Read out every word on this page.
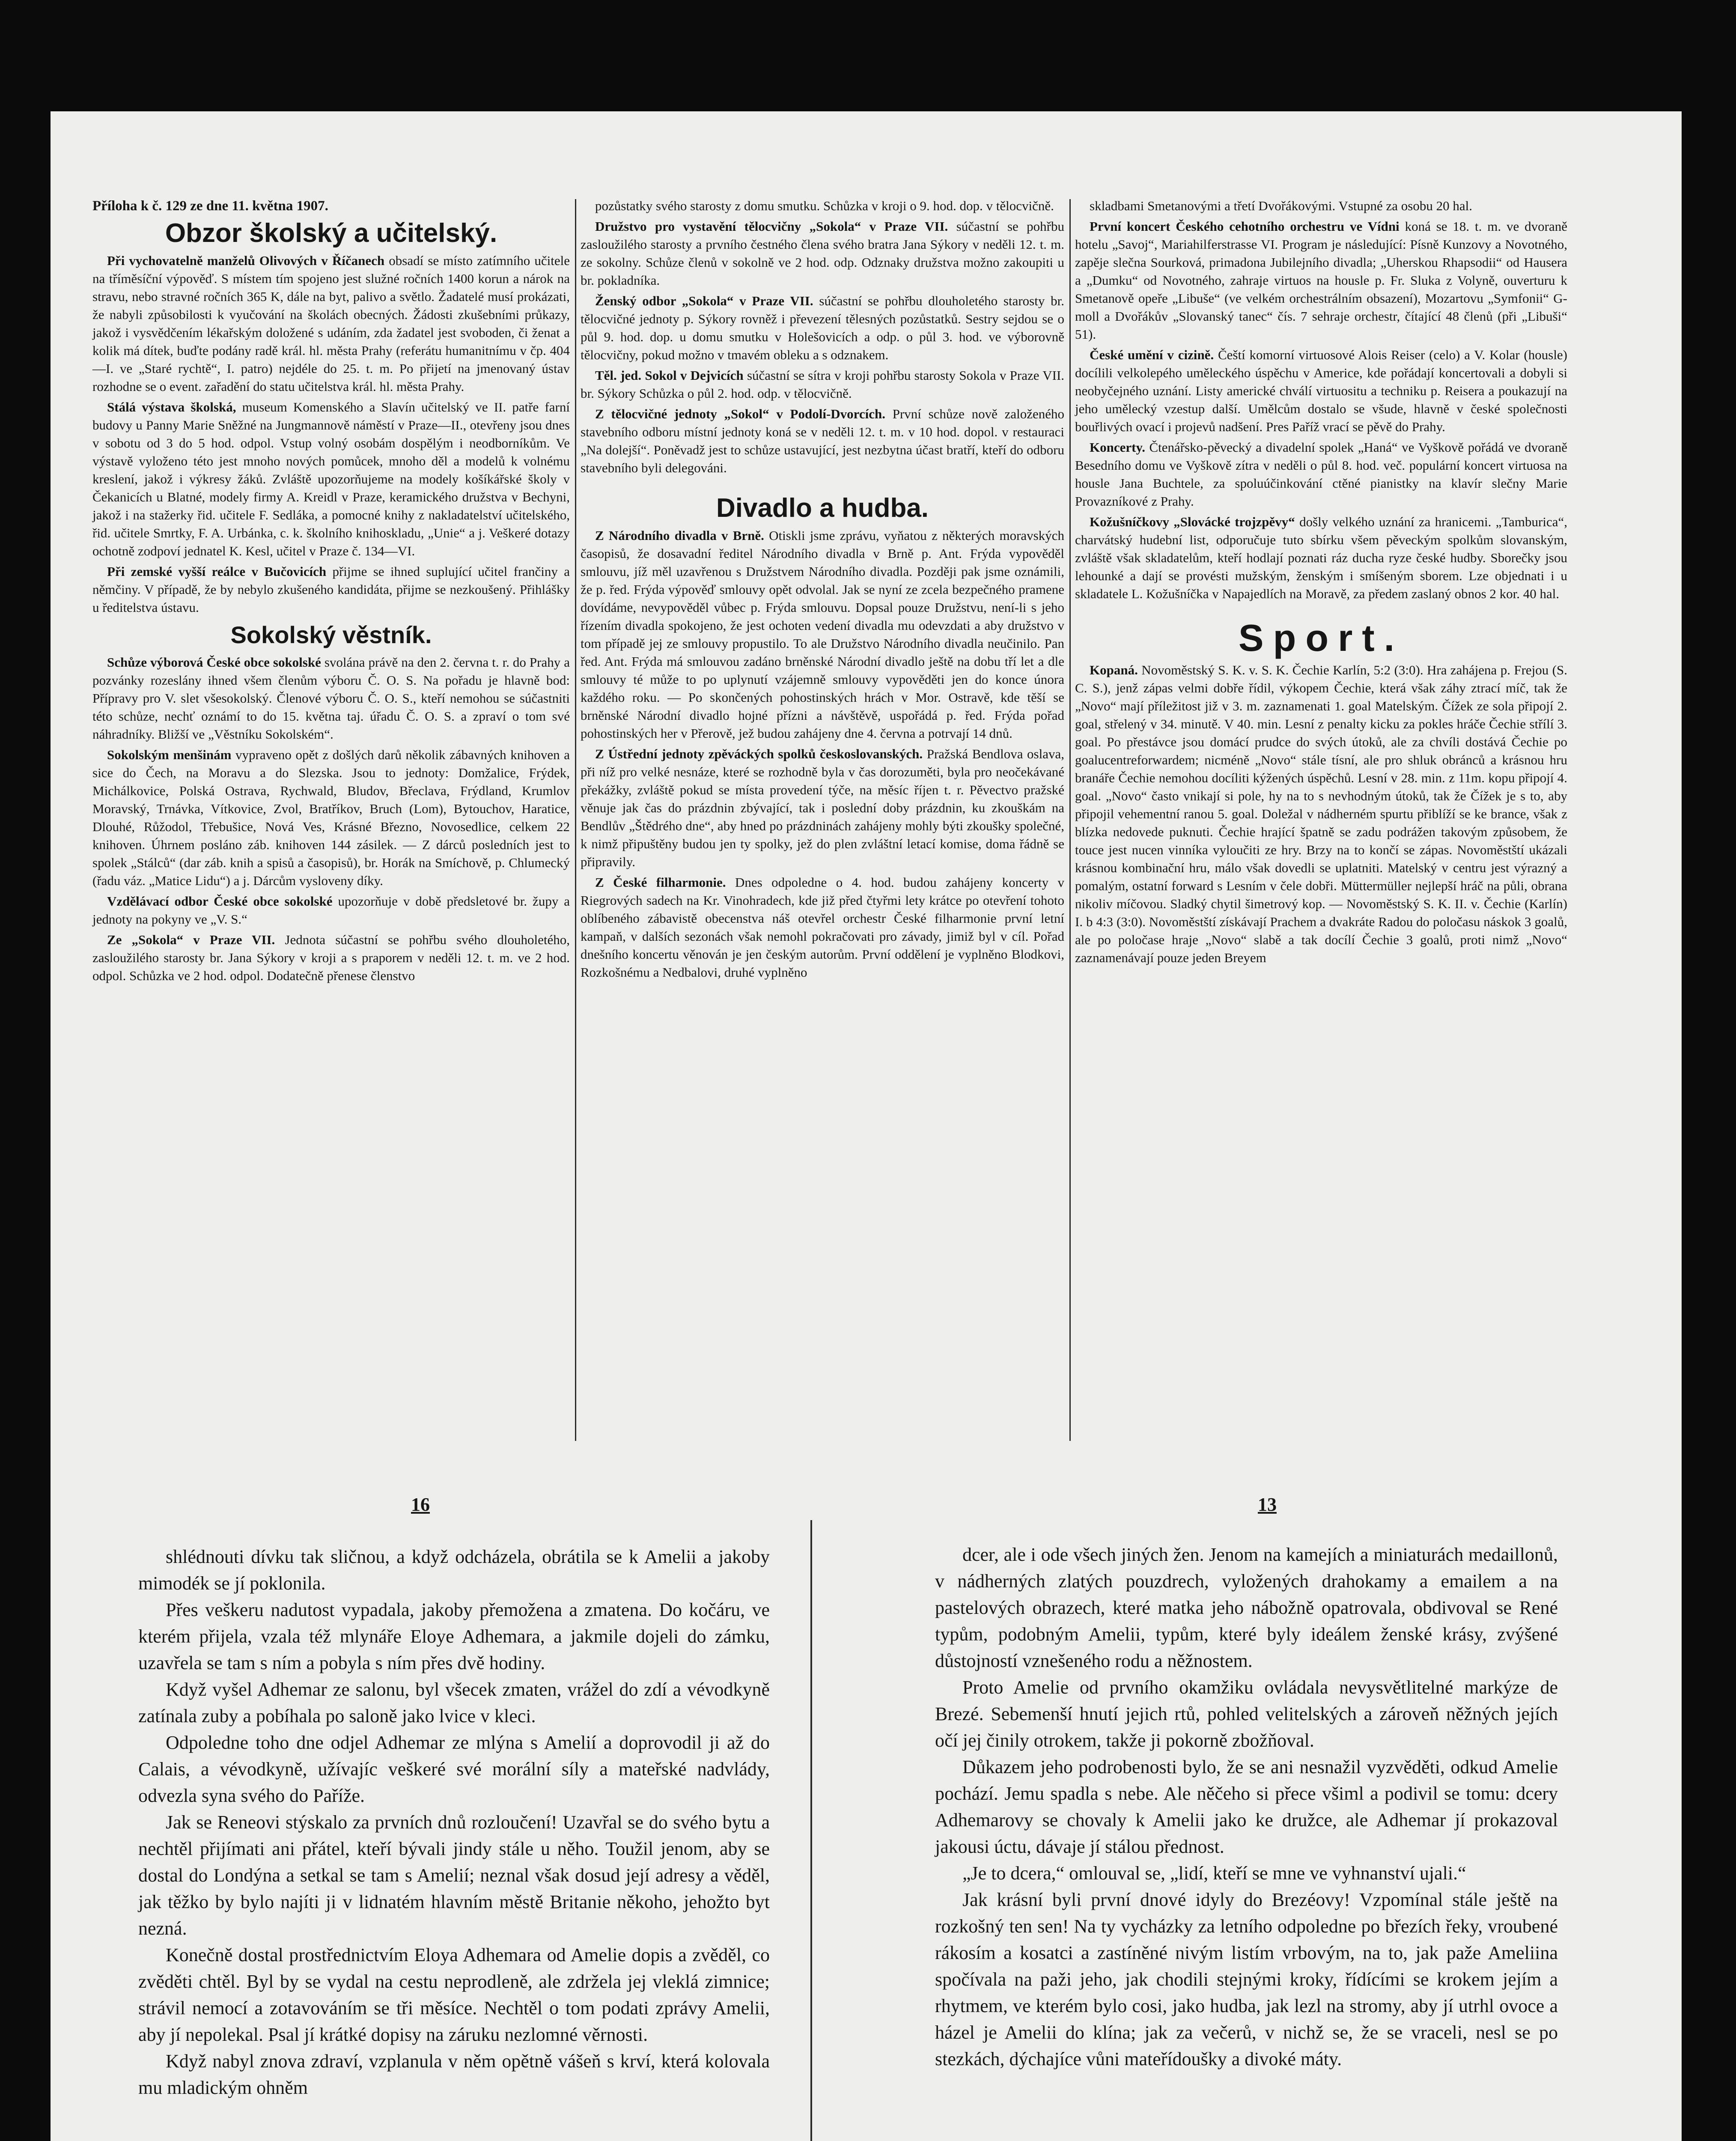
Příloha k č. 129 ze dne 11. května 1907.

Obzor školský a učitelský.

Při vychovatelně manželů Olivových v Říčanech obsadí se místo zatímního učitele na tříměsíční výpověď. S místem tím spojeno jest služné ročních 1400 korun a nárok na stravu, nebo stravné ročních 365 K, dále na byt, palivo a světlo. Žadatelé musí prokázati, že nabyli způsobilosti k vyučování na školách obecných. Žádosti zkušebními průkazy, jakož i vysvědčením lékařským doložené s udáním, zda žadatel jest svoboden, či ženat a kolik má dítek, buďte podány radě král. hl. města Prahy (referátu humanitnímu v čp. 404—I. ve „Staré rychtě“, I. patro) nejdéle do 25. t. m. Po přijetí na jmenovaný ústav rozhodne se o event. zařadění do statu učitelstva král. hl. města Prahy.

Stálá výstava školská, museum Komenského a Slavín učitelský ve II. patře farní budovy u Panny Marie Sněžné na Jungmannově náměstí v Praze—II., otevřeny jsou dnes v sobotu od 3 do 5 hod. odpol. Vstup volný osobám dospělým i neodborníkům. Ve výstavě vyloženo této jest mnoho nových pomůcek, mnoho děl a modelů k volnému kreslení, jakož i výkresy žáků. Zvláště upozorňujeme na modely košíkářské školy v Čekanicích u Blatné, modely firmy A. Kreidl v Praze, keramického družstva v Bechyni, jakož i na stažerky řid. učitele F. Sedláka, a pomocné knihy z nakladatelství učitelského, řid. učitele Smrtky, F. A. Urbánka, c. k. školního knihoskladu, „Unie“ a j. Veškeré dotazy ochotně zodpoví jednatel K. Kesl, učitel v Praze č. 134—VI.

Při zemské vyšší reálce v Bučovicích přijme se ihned suplující učitel frančiny a němčiny. V případě, že by nebylo zkušeného kandidáta, přijme se nezkoušený. Přihlášky u ředitelstva ústavu.

Sokolský věstník.

Schůze výborová České obce sokolské svolána právě na den 2. června t. r. do Prahy a pozvánky rozeslány ihned všem členům výboru Č. O. S. Na pořadu je hlavně bod: Přípravy pro V. slet všesokolský. Členové výboru Č. O. S., kteří nemohou se súčastniti této schůze, nechť oznámí to do 15. května taj. úřadu Č. O. S. a zpraví o tom své náhradníky. Bližší ve „Věstníku Sokolském“.

Sokolským menšinám vypraveno opět z došlých darů několik zábavných knihoven a sice do Čech, na Moravu a do Slezska. Jsou to jednoty: Domžalice, Frýdek, Michálkovice, Polská Ostrava, Rychwald, Bludov, Břeclava, Frýdland, Krumlov Moravský, Trnávka, Vítkovice, Zvol, Bratříkov, Bruch (Lom), Bytouchov, Haratice, Dlouhé, Růžodol, Třebušice, Nová Ves, Krásné Březno, Novosedlice, celkem 22 knihoven. Úhrnem posláno záb. knihoven 144 zásilek. — Z dárců posledních jest to spolek „Stálců“ (dar záb. knih a spisů a časopisů), br. Horák na Smíchově, p. Chlumecký (řadu váz. „Matice Lidu“) a j. Dárcům vysloveny díky.

Vzdělávací odbor České obce sokolské upozorňuje v době předsletové br. župy a jednoty na pokyny ve „V. S.“

Ze „Sokola“ v Praze VII. Jednota súčastní se pohřbu svého dlouholetého, zasloužilého starosty br. Jana Sýkory v kroji a s praporem v neděli 12. t. m. ve 2 hod. odpol. Schůzka ve 2 hod. odpol. Dodatečně přenese členstvo

pozůstatky svého starosty z domu smutku. Schůzka v kroji o 9. hod. dop. v tělocvičně.

Družstvo pro vystavění tělocvičny „Sokola“ v Praze VII. súčastní se pohřbu zasloužilého starosty a prvního čestného člena svého bratra Jana Sýkory v neděli 12. t. m. ze sokolny. Schůze členů v sokolně ve 2 hod. odp. Odznaky družstva možno zakoupiti u br. pokladníka.

Ženský odbor „Sokola“ v Praze VII. súčastní se pohřbu dlouholetého starosty br. tělocvičné jednoty p. Sýkory rovněž i převezení tělesných pozůstatků. Sestry sejdou se o půl 9. hod. dop. u domu smutku v Holešovicích a odp. o půl 3. hod. ve výborovně tělocvičny, pokud možno v tmavém obleku a s odznakem.

Těl. jed. Sokol v Dejvicích súčastní se sítra v kroji pohřbu starosty Sokola v Praze VII. br. Sýkory Schůzka o půl 2. hod. odp. v tělocvičně.

Z tělocvičné jednoty „Sokol“ v Podolí-Dvorcích. První schůze nově založeného stavebního odboru místní jednoty koná se v neděli 12. t. m. v 10 hod. dopol. v restauraci „Na dolejší“. Poněvadž jest to schůze ustavující, jest nezbytna účast bratří, kteří do odboru stavebního byli delegováni.

Divadlo a hudba.

Z Národního divadla v Brně. Otiskli jsme zprávu, vyňatou z některých moravských časopisů, že dosavadní ředitel Národního divadla v Brně p. Ant. Frýda vypověděl smlouvu, jíž měl uzavřenou s Družstvem Národního divadla. Později pak jsme oznámili, že p. řed. Frýda výpověď smlouvy opět odvolal. Jak se nyní ze zcela bezpečného pramene dovídáme, nevypověděl vůbec p. Frýda smlouvu. Dopsal pouze Družstvu, není-li s jeho řízením divadla spokojeno, že jest ochoten vedení divadla mu odevzdati a aby družstvo v tom případě jej ze smlouvy propustilo. To ale Družstvo Národního divadla neučinilo. Pan řed. Ant. Frýda má smlouvou zadáno brněnské Národní divadlo ještě na dobu tří let a dle smlouvy té může to po uplynutí vzájemně smlouvy vypověděti jen do konce února každého roku. — Po skončených pohostinských hrách v Mor. Ostravě, kde těší se brněnské Národní divadlo hojné přízni a návštěvě, uspořádá p. řed. Frýda pořad pohostinských her v Přerově, jež budou zahájeny dne 4. června a potrvají 14 dnů.

Z Ústřední jednoty zpěváckých spolků českoslovanských. Pražská Bendlova oslava, při níž pro velké nesnáze, které se rozhodně byla v čas dorozuměti, byla pro neočekávané překážky, zvláště pokud se místa provedení týče, na měsíc říjen t. r. Pěvectvo pražské věnuje jak čas do prázdnin zbývající, tak i poslední doby prázdnin, ku zkouškám na Bendlův „Štědrého dne“, aby hned po prázdninách zahájeny mohly býti zkoušky společné, k nimž připuštěny budou jen ty spolky, jež do plen zvláštní letací komise, doma řádně se připravily.

Z České filharmonie. Dnes odpoledne o 4. hod. budou zahájeny koncerty v Riegrových sadech na Kr. Vinohradech, kde již před čtyřmi lety krátce po otevření tohoto oblíbeného zábavistě obecenstva náš otevřel orchestr České filharmonie první letní kampaň, v dalších sezonách však nemohl pokračovati pro závady, jimiž byl v cíl. Pořad dnešního koncertu věnován je jen českým autorům. První oddělení je vyplněno Blodkovi, Rozkošnému a Nedbalovi, druhé vyplněno

skladbami Smetanovými a třetí Dvořákovými. Vstupné za osobu 20 hal.

První koncert Českého cehotního orchestru ve Vídni koná se 18. t. m. ve dvoraně hotelu „Savoj“, Mariahilferstrasse VI. Program je následující: Písně Kunzovy a Novotného, zapěje slečna Sourková, primadona Jubilejního divadla; „Uherskou Rhapsodii“ od Hausera a „Dumku“ od Novotného, zahraje virtuos na housle p. Fr. Slukа z Volyně, ouverturu k Smetanově opeře „Libuše“ (ve velkém orchestrálním obsazení), Mozartovu „Symfonii“ G-moll a Dvořákův „Slovanský tanec“ čís. 7 sehraje orchestr, čítající 48 členů (při „Libuši“ 51).

České umění v cizině. Čeští komorní virtuosové Alois Reiser (celo) a V. Kolar (housle) docílili velkolepého uměleckého úspěchu v Americe, kde pořádají koncertovali a dobyli si neobyčejného uznání. Listy americké chválí virtuositu a techniku p. Reisera a poukazují na jeho umělecký vzestup další. Umělcům dostalo se všude, hlavně v české společnosti bouřlivých ovací i projevů nadšení. Pres Paříž vrací se pěvě do Prahy.

Koncerty. Čtenářsko-pěvecký a divadelní spolek „Haná“ ve Vyškově pořádá ve dvoraně Besedního domu ve Vyškově zítra v neděli o půl 8. hod. več. populární koncert virtuosa na housle Jana Buchtele, za spoluúčinkování ctěné pianistky na klavír slečny Marie Provazníkové z Prahy.

Kožušníčkovy „Slovácké trojzpěvy“ došly velkého uznání za hranicemi. „Tamburica“, charvátský hudební list, odporučuje tuto sbírku všem pěveckým spolkům slovanským, zvláště však skladatelům, kteří hodlají poznati ráz ducha ryze české hudby. Sborečky jsou lehounké a dají se provésti mužským, ženským i smíšeným sborem. Lze objednati i u skladatele L. Kožušníčka v Napajedlích na Moravě, za předem zaslaný obnos 2 kor. 40 hal.

Sport.

Kopaná. Novoměstský S. K. v. S. K. Čechie Karlín, 5:2 (3:0). Hra zahájena p. Frejou (S. C. S.), jenž zápas velmi dobře řídil, výkopem Čechie, která však záhy ztrací míč, tak že „Novo“ mají příležitost již v 3. m. zaznamenati 1. goal Matelským. Čížek ze sola připojí 2. goal, střelený v 34. minutě. V 40. min. Lesní z penalty kicku za pokles hráče Čechie střílí 3. goal. Po přestávce jsou domácí prudce do svých útoků, ale za chvíli dostává Čechie po goalucentreforwardem; nicméně „Novo“ stále tísní, ale pro shluk obránců a krásnou hru branáře Čechie nemohou docíliti kýžených úspěchů. Lesní v 28. min. z 11m. kopu připojí 4. goal. „Novo“ často vnikají si pole, hy na to s nevhodným útoků, tak že Čížek je s to, aby připojil vehementní ranou 5. goal. Doležal v nádherném spurtu přiblíží se ke brance, však z blízka nedovede puknuti. Čechie hrající špatně se zadu podrážen takovým způsobem, že touce jest nucen vinníka vyloučiti ze hry. Brzy na to končí se zápas. Novoměstští ukázali krásnou kombinační hru, málo však dovedli se uplatniti. Matelský v centru jest výrazný a pomalým, ostatní forward s Lesním v čele dobři. Müttermüller nejlepší hráč na půli, obrana nikoliv míčovou. Sladký chytil šimetrový kop. — Novoměstský S. K. II. v. Čechie (Karlín) I. b 4:3 (3:0). Novoměstští získávají Prachem a dvakráte Radou do poločasu náskok 3 goalů, ale po poločase hraje „Novo“ slabě a tak docílí Čechie 3 goalů, proti nimž „Novo“ zaznamenávají pouze jeden Breyem

16	13

shlédnouti dívku tak sličnou, a když odcházela, obrátila se k Amelii a jakoby mimodék se jí poklonila.

Přes veškeru nadutost vypadala, jakoby přemožena a zmatena. Do kočáru, ve kterém přijela, vzala též mlynáře Eloye Adhemara, a jakmile dojeli do zámku, uzavřela se tam s ním a pobyla s ním přes dvě hodiny.

Když vyšel Adhemar ze salonu, byl všecek zmaten, vrážel do zdí a vévodkyně zatínala zuby a pobíhala po saloně jako lvice v kleci.

Odpoledne toho dne odjel Adhemar ze mlýna s Amelií a doprovodil ji až do Calais, a vévodkyně, užívajíc veškeré své morální síly a mateřské nadvlády, odvezla syna svého do Paříže.

Jak se Reneovi stýskalo za prvních dnů rozloučení! Uzavřal se do svého bytu a nechtěl přijímati ani přátel, kteří bývali jindy stále u něho. Toužil jenom, aby se dostal do Londýna a setkal se tam s Amelií; neznal však dosud její adresy a věděl, jak těžko by bylo najíti ji v lidnatém hlavním městě Britanie někoho, jehožto byt nezná.

Konečně dostal prostřednictvím Eloya Adhemara od Amelie dopis a zvěděl, co zvěděti chtěl. Byl by se vydal na cestu neprodleně, ale zdržela jej vleklá zimnice; strávil nemocí a zotavováním se tři měsíce. Nechtěl o tom podati zprávy Amelii, aby jí nepolekal. Psal jí krátké dopisy na záruku nezlomné věrnosti.

Když nabyl znova zdraví, vzplanula v něm opětně vášeň s krví, která kolovala mu mladickým ohněm

dcer, ale i ode všech jiných žen. Jenom na kamejích a miniaturách medaillonů, v nádherných zlatých pouzdrech, vyložených drahokamy a emailem a na pastelových obrazech, které matka jeho nábožně opatrovala, obdivoval se René typům, podobným Amelii, typům, které byly ideálem ženské krásy, zvýšené důstojností vznešeného rodu a něžnostem.

Proto Amelie od prvního okamžiku ovládala nevysvětlitelné markýze de Brezé. Sebemenší hnutí jejich rtů, pohled velitelských a zároveň něžných jejích očí jej činily otrokem, takže ji pokorně zbožňoval.

Důkazem jeho podrobenosti bylo, že se ani nesnažil vyzvěděti, odkud Amelie pochází. Jemu spadla s nebe. Ale něčeho si přece všiml a podivil se tomu: dcery Adhemarovy se chovaly k Amelii jako ke družce, ale Adhemar jí prokazoval jakousi úctu, dávaje jí stálou přednost.

„Je to dcera,“ omlouval se, „lidí, kteří se mne ve vyhnanství ujali.“

Jak krásní byli první dnové idyly do Brezéovy! Vzpomínal stále ještě na rozkošný ten sen! Na ty vycházky za letního odpoledne po březích řeky, vroubené rákosím a kosatci a zastíněné nivým listím vrbovým, na to, jak paže Ameliina spočívala na paži jeho, jak chodili stejnými kroky, řídícími se krokem jejím a rhytmem, ve kterém bylo cosi, jako hudba, jak lezl na stromy, aby jí utrhl ovoce a házel je Amelii do klína; jak za večerů, v nichž se, že se vraceli, nesl se po stezkách, dýchajíce vůni mateřídoušky a divoké máty.
